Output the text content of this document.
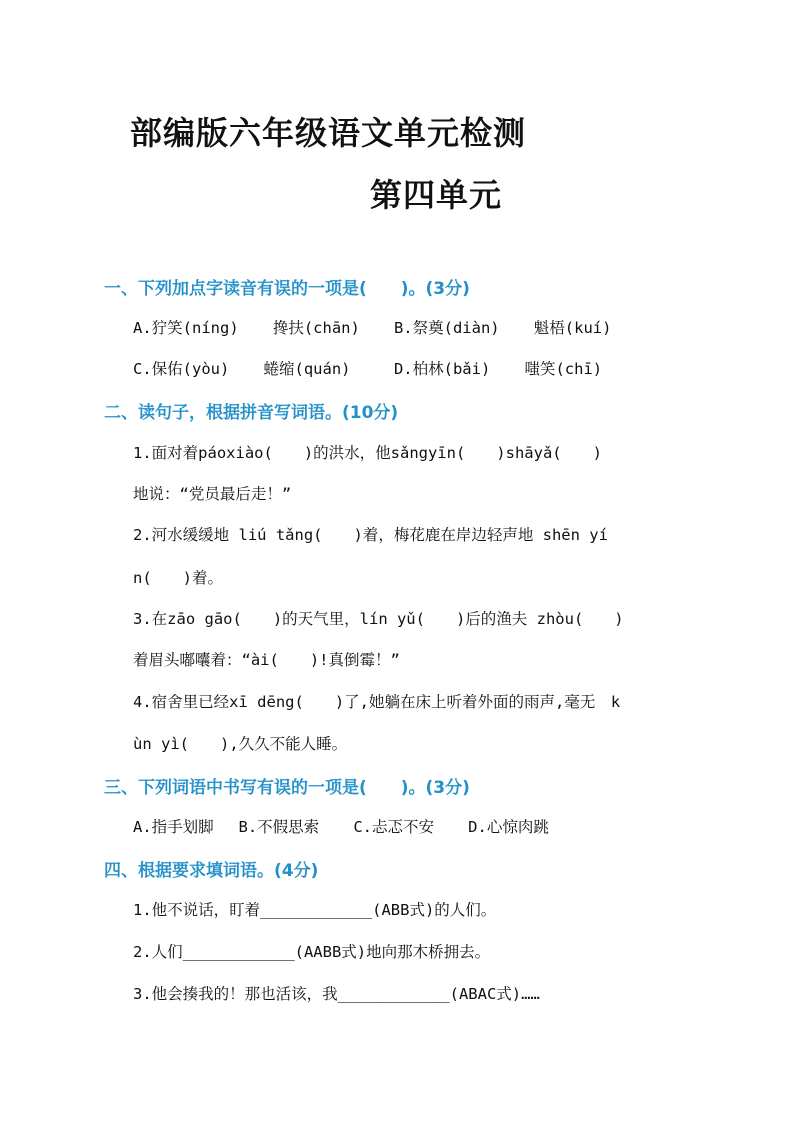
部编版六年级语文单元检测
第四单元
一、下列加点字读音有误的一项是(　　)。(3分)
A.狞笑(níng)　  搀扶(chān)　  B.祭奠(diàn)　  魁梧(kuí)
C.保佑(yòu)　  蜷缩(quán)　   D.柏林(bǎi)　  嗤笑(chī)
二、读句子，根据拼音写词语。(10分)
1.面对着páoxiào(　　)的洪水，他sǎngyīn(　　)shāyǎ(　　)
地说：“党员最后走！”
2.河水缓缓地 liú tǎng(　　)着，梅花鹿在岸边轻声地 shēn yí
n(　　)着。
3.在zāo gāo(　　)的天气里，lín yǔ(　　)后的渔夫 zhòu(　　)
着眉头嘟囔着：“ài(　　)!真倒霉！”
4.宿舍里已经xī dēng(　　)了,她躺在床上听着外面的雨声,毫无　k
ùn yì(　　),久久不能人睡。
三、下列词语中书写有误的一项是(　　)。(3分)
A.指手划脚　 B.不假思索　  C.忐忑不安　  D.心惊肉跳
四、根据要求填词语。(4分)
1.他不说话，盯着____________(ABB式)的人们。
2.人们____________(AABB式)地向那木桥拥去。
3.他会揍我的！那也活该，我____________(ABAC式)……
